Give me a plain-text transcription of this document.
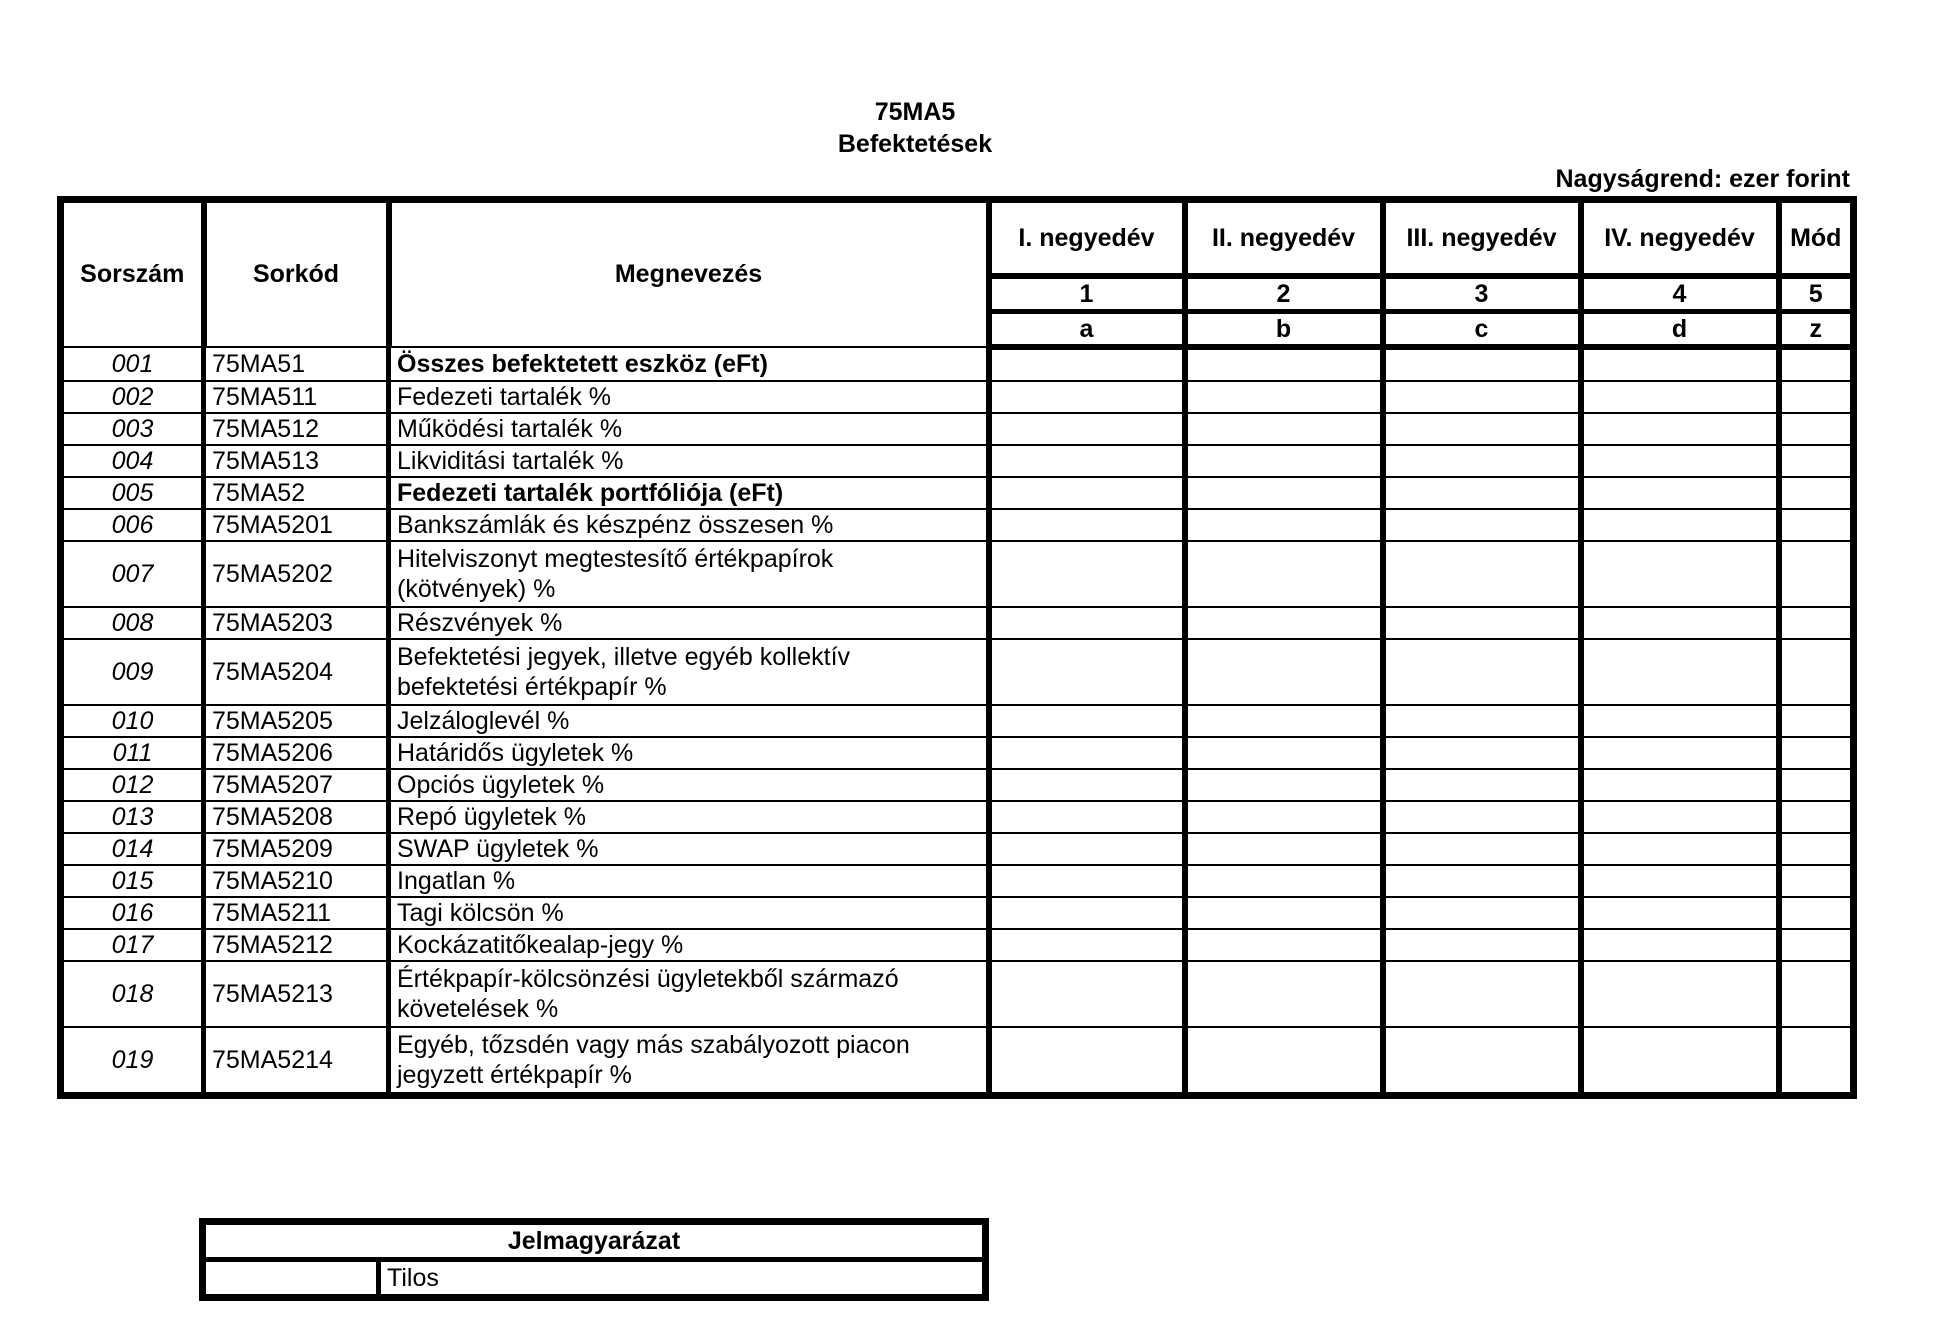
75MA5
Befektetések
Nagyságrend: ezer forint
Sorszám	Sorkód	Megnevezés	I. negyedév	II. negyedév	III. negyedév	IV. negyedév	Mód
			1	2	3	4	5
			a	b	c	d	z
001	75MA51	Összes befektetett eszköz (eFt)					
002	75MA511	Fedezeti tartalék %					
003	75MA512	Működési tartalék %					
004	75MA513	Likviditási tartalék %					
005	75MA52	Fedezeti tartalék portfóliója (eFt)					
006	75MA5201	Bankszámlák és készpénz összesen %					
007	75MA5202	Hitelviszonyt megtestesítő értékpapírok
(kötvények) %					

008	75MA5203	Részvények %					
009	75MA5204	Befektetési jegyek, illetve egyéb kollektív
befektetési értékpapír %					

010	75MA5205	Jelzáloglevél %					
011	75MA5206	Határidős ügyletek %					
012	75MA5207	Opciós ügyletek %					
013	75MA5208	Repó ügyletek %					
014	75MA5209	SWAP ügyletek %					
015	75MA5210	Ingatlan %					
016	75MA5211	Tagi kölcsön %					
017	75MA5212	Kockázatitőkealap-jegy %					
018	75MA5213	Értékpapír-kölcsönzési ügyletekből származó
követelések %					

019	75MA5214	Egyéb, tőzsdén vagy más szabályozott piacon
jegyzett értékpapír %					

Jelmagyarázat
	Tilos
